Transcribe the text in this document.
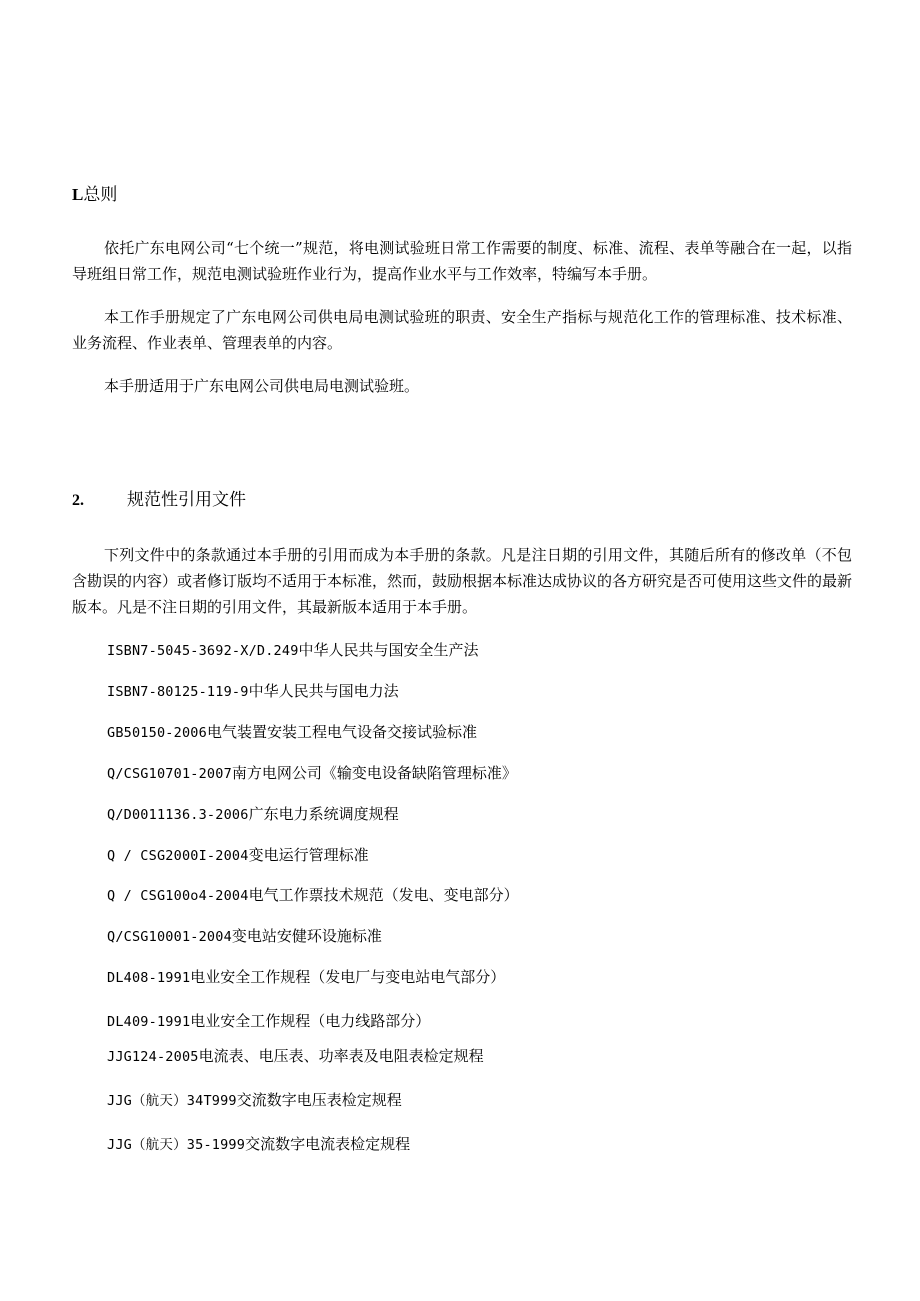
L总则

依托广东电网公司“七个统一”规范，将电测试验班日常工作需要的制度、标准、流程、表单等融合在一起，以指导班组日常工作，规范电测试验班作业行为，提高作业水平与工作效率，特编写本手册。

本工作手册规定了广东电网公司供电局电测试验班的职责、安全生产指标与规范化工作的管理标准、技术标准、业务流程、作业表单、管理表单的内容。

本手册适用于广东电网公司供电局电测试验班。

2.	规范性引用文件

下列文件中的条款通过本手册的引用而成为本手册的条款。凡是注日期的引用文件，其随后所有的修改单（不包含勘误的内容）或者修订版均不适用于本标准，然而，鼓励根据本标准达成协议的各方研究是否可使用这些文件的最新版本。凡是不注日期的引用文件，其最新版本适用于本手册。

ISBN7-5045-3692-X/D.249中华人民共与国安全生产法
ISBN7-80125-119-9中华人民共与国电力法
GB50150-2006电气装置安装工程电气设备交接试验标准
Q/CSG10701-2007南方电网公司《输变电设备缺陷管理标准》
Q/D0011136.3-2006广东电力系统调度规程
Q / CSG2000I-2004变电运行管理标准
Q / CSG100o4-2004电气工作票技术规范（发电、变电部分）
Q/CSG10001-2004变电站安健环设施标准
DL408-1991电业安全工作规程（发电厂与变电站电气部分）
DL409-1991电业安全工作规程（电力线路部分）
JJG124-2005电流表、电压表、功率表及电阻表检定规程
JJG（航天）34T999交流数字电压表检定规程
JJG（航天）35-1999交流数字电流表检定规程
